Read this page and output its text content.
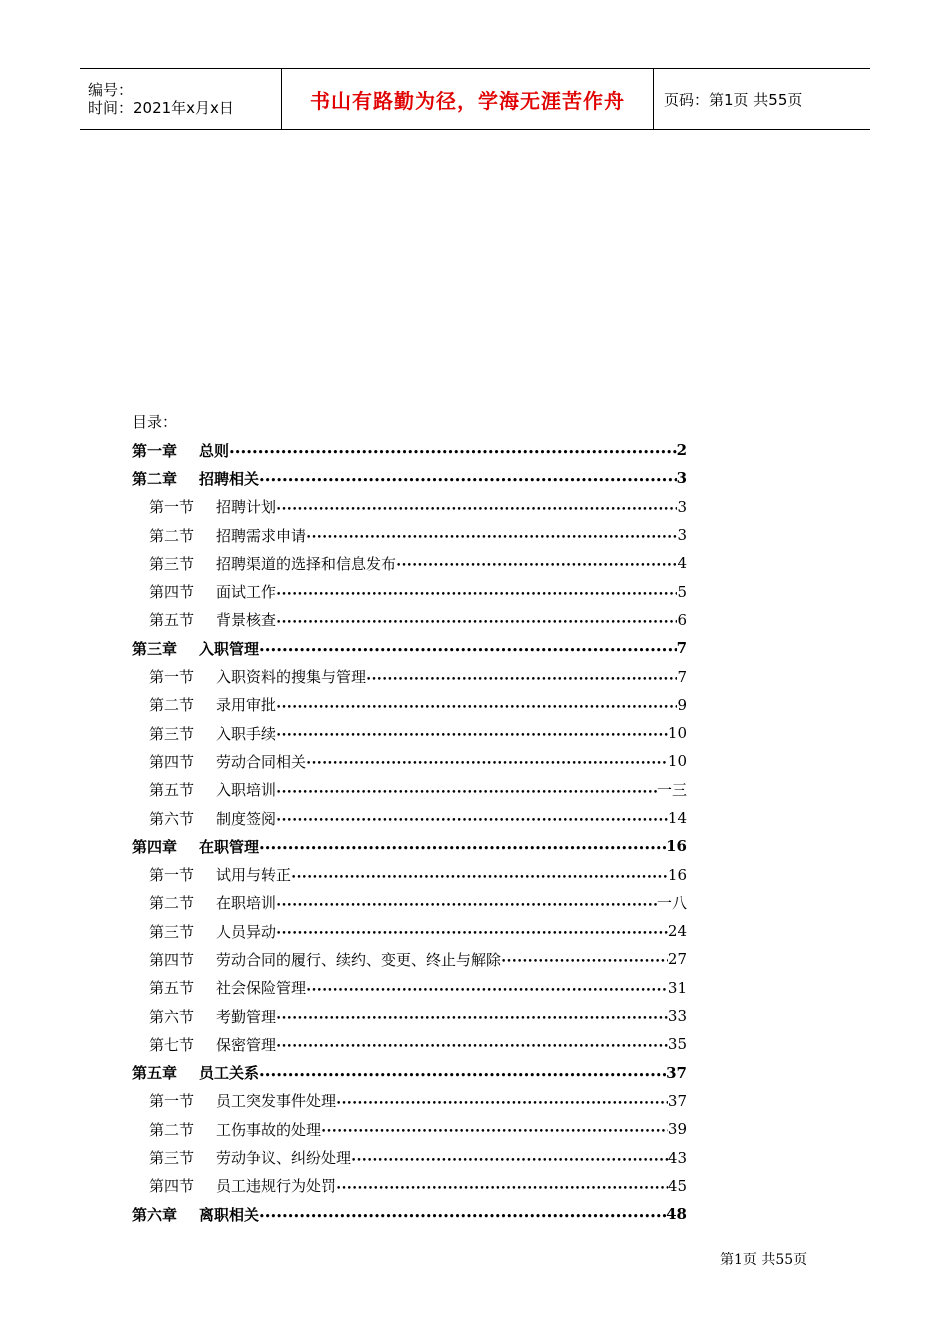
编号：
时间：2021年x月x日	书山有路勤为径，学海无涯苦作舟	页码：第1页 共55页
目录：
第一章	总则 •••••	2
第二章	招聘相关 •••••	3
第一节	招聘计划 •••••	3
第二节	招聘需求申请 •••••	3
第三节	招聘渠道的选择和信息发布 •••••	4
第四节	面试工作 •••••	5
第五节	背景核查 •••••	6
第三章	入职管理 •••••	7
第一节	入职资料的搜集与管理 •••••	7
第二节	录用审批 •••••	9
第三节	入职手续 •••••	10
第四节	劳动合同相关 •••••	10
第五节	入职培训 •••••	一三
第六节	制度签阅 •••••	14
第四章	在职管理 •••••	16
第一节	试用与转正 •••••	16
第二节	在职培训 •••••	一八
第三节	人员异动 •••••	24
第四节	劳动合同的履行、续约、变更、终止与解除 •••••	27
第五节	社会保险管理 •••••	31
第六节	考勤管理 •••••	33
第七节	保密管理 •••••	35
第五章	员工关系 •••••	37
第一节	员工突发事件处理 •••••	37
第二节	工伤事故的处理 •••••	39
第三节	劳动争议、纠纷处理 •••••	43
第四节	员工违规行为处罚 •••••	45
第六章	离职相关 •••••	48
第1页 共55页
